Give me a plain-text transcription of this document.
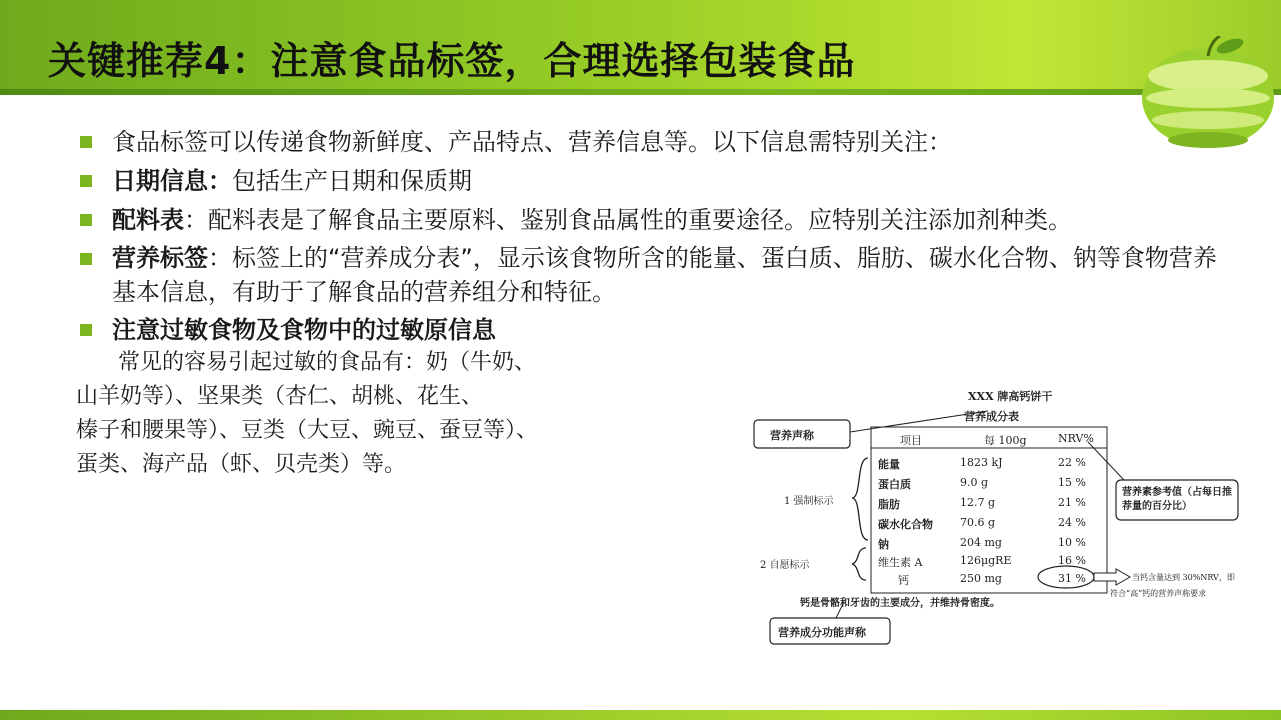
关键推荐4：注意食品标签，合理选择包装食品
食品标签可以传递食物新鲜度、产品特点、营养信息等。以下信息需特别关注：
日期信息：包括生产日期和保质期
配料表：配料表是了解食品主要原料、鉴别食品属性的重要途径。应特别关注添加剂种类。
营养标签：标签上的“营养成分表”，显示该食物所含的能量、蛋白质、脂肪、碳水化合物、钠等食物营养基本信息，有助于了解食品的营养组分和特征。
注意过敏食物及食物中的过敏原信息
常见的容易引起过敏的食品有：奶（牛奶、
山羊奶等）、坚果类（杏仁、胡桃、花生、
榛子和腰果等）、豆类（大豆、豌豆、蚕豆等）、
蛋类、海产品（虾、贝壳类）等。
XXX 牌高钙饼干
营养成分表
项目	每 100g	NRV%
能量	1823 kJ	22 %
蛋白质	9.0 g	15 %
脂肪	12.7 g	21 %
碳水化合物 70.6 g	24 %
钠	204 mg	10 %
维生素 A	126μgRE	16 %
钙	250 mg	31 %
营养声称
1 强制标示
2 自愿标示
营养素参考值（占每日推荐量的百分比）
钙是骨骼和牙齿的主要成分，并维持骨密度。
营养成分功能声称
当钙含量达到 30%NRV，即
符合“高”钙的营养声称要求
